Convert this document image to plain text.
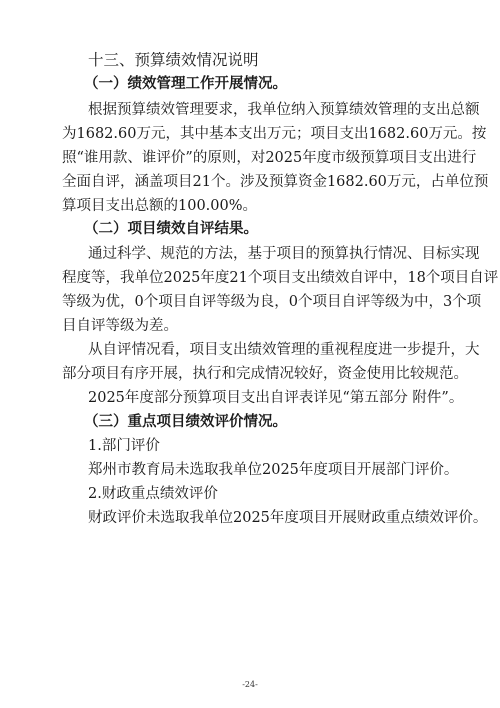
十三、预算绩效情况说明
（一）绩效管理工作开展情况。
根据预算绩效管理要求，我单位纳入预算绩效管理的支出总额
为1682.60万元，其中基本支出万元；项目支出1682.60万元。按
照“谁用款、谁评价”的原则，对2025年度市级预算项目支出进行
全面自评，涵盖项目21个。涉及预算资金1682.60万元，占单位预
算项目支出总额的100.00%。
（二）项目绩效自评结果。
通过科学、规范的方法，基于项目的预算执行情况、目标实现
程度等，我单位2025年度21个项目支出绩效自评中，18个项目自评
等级为优，0个项目自评等级为良，0个项目自评等级为中，3个项
目自评等级为差。
从自评情况看，项目支出绩效管理的重视程度进一步提升，大
部分项目有序开展，执行和完成情况较好，资金使用比较规范。
2025年度部分预算项目支出自评表详见“第五部分 附件”。
（三）重点项目绩效评价情况。
1.部门评价
郑州市教育局未选取我单位2025年度项目开展部门评价。
2.财政重点绩效评价
财政评价未选取我单位2025年度项目开展财政重点绩效评价。
-24-
